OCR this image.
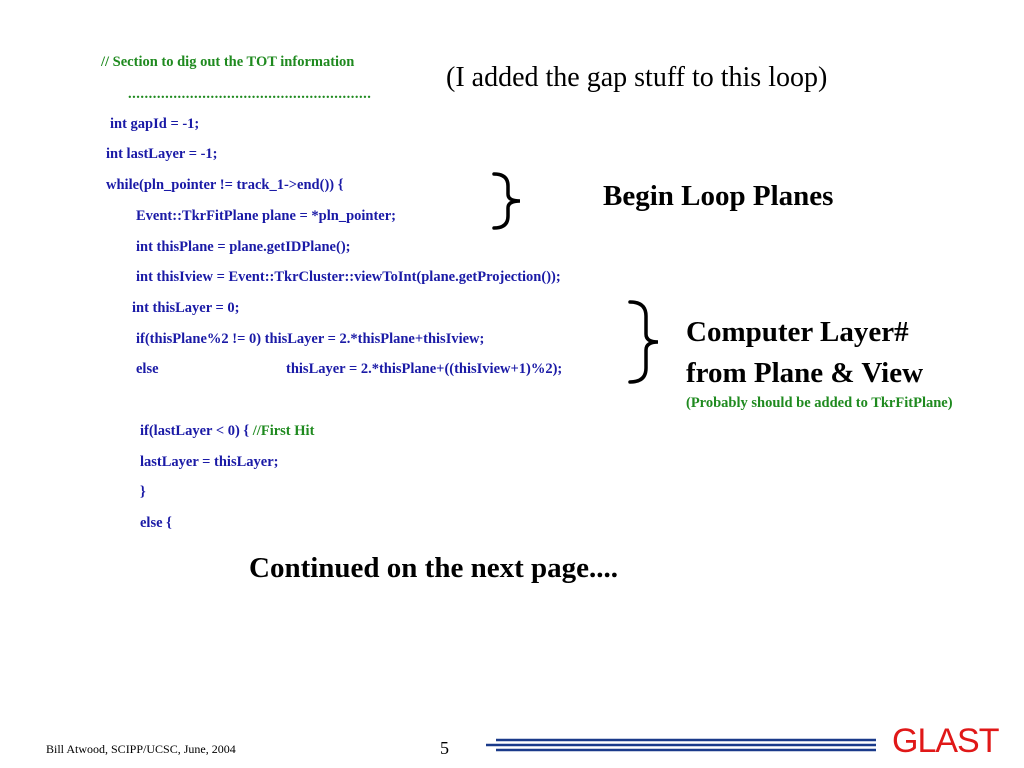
// Section to dig out the TOT information
...........................................................
(I added the gap stuff to this loop)
int gapId = -1;
int lastLayer = -1;
while(pln_pointer != track_1->end()) {
Event::TkrFitPlane plane = *pln_pointer;
int thisPlane = plane.getIDPlane();
int thisIview = Event::TkrCluster::viewToInt(plane.getProjection());
int thisLayer = 0;
if(thisPlane%2 != 0) thisLayer = 2.*thisPlane+thisIview;
else	thisLayer = 2.*thisPlane+((thisIview+1)%2);
if(lastLayer < 0) { //First Hit
lastLayer = thisLayer;
}
else {
Begin Loop Planes
Computer Layer#
from Plane & View
(Probably should be added to TkrFitPlane)
Continued on the next page....
Bill Atwood, SCIPP/UCSC, June, 2004	5	GLAST
